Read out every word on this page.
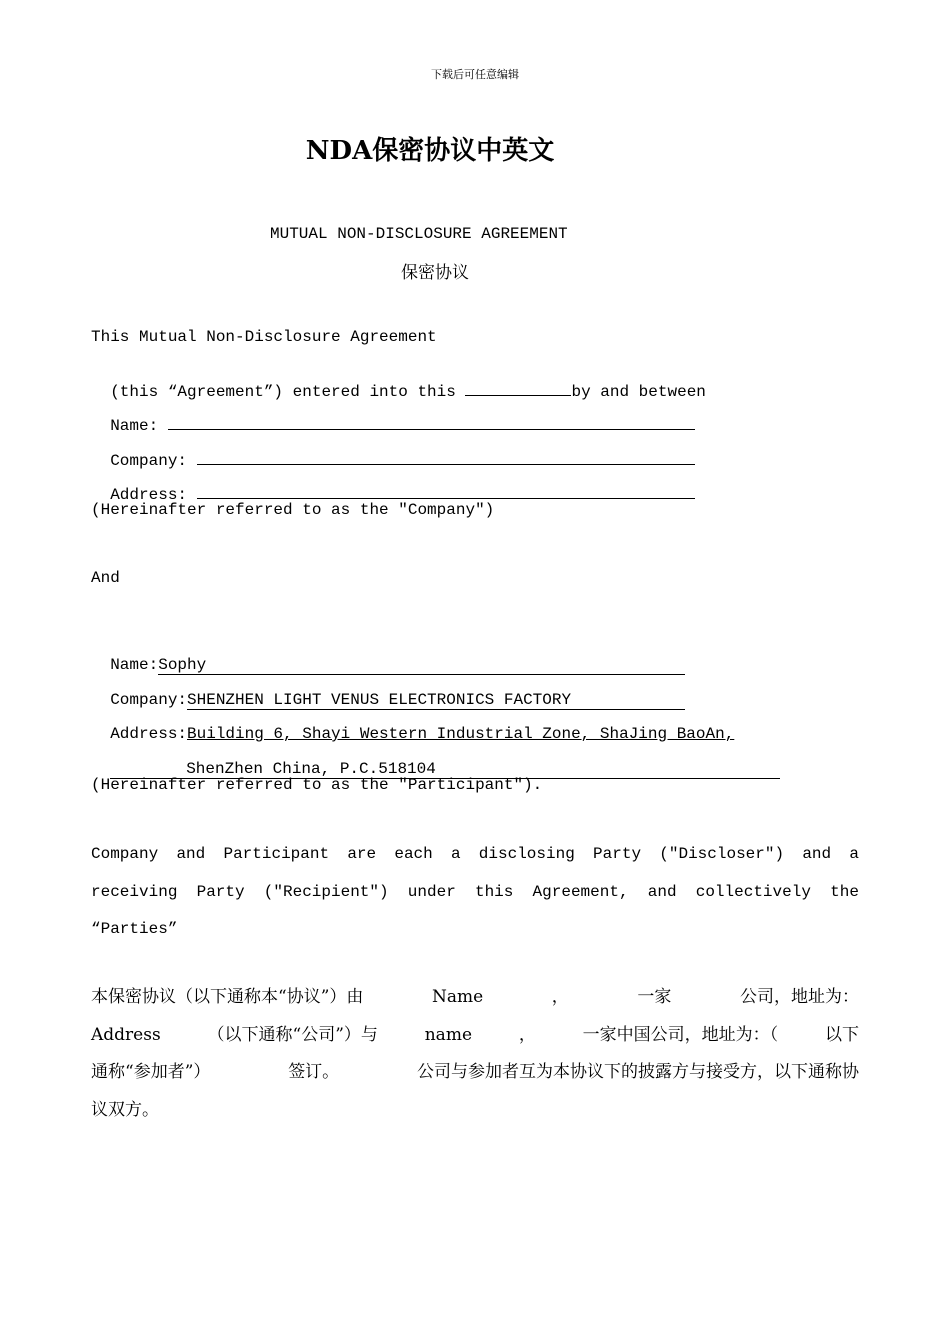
下载后可任意编辑
NDA保密协议中英文
MUTUAL NON-DISCLOSURE AGREEMENT
保密协议
This Mutual Non-Disclosure Agreement

(this “Agreement”) entered into this	by and between

Name:

Company:

Address:

(Hereinafter referred to as the "Company")
And

Name:Sophy

Company:SHENZHEN LIGHT VENUS ELECTRONICS FACTORY

Address:Building 6, Shayi Western Industrial Zone, ShaJing BaoAn,

ShenZhen China, P.C.518104

(Hereinafter referred to as the "Participant").
Company and Participant are each a disclosing Party ("Discloser") and a
receiving Party ("Recipient") under this Agreement, and collectively the
“Parties”
本保密协议（以下通称本“协议”）由	Name	，	一家	公司，地址为：
Address	（以下通称“公司”）与	name	，	一家中国公司，地址为：（	以下
通称“参加者”）	签订。	公司与参加者互为本协议下的披露方与接受方，以下通称协
议双方。
